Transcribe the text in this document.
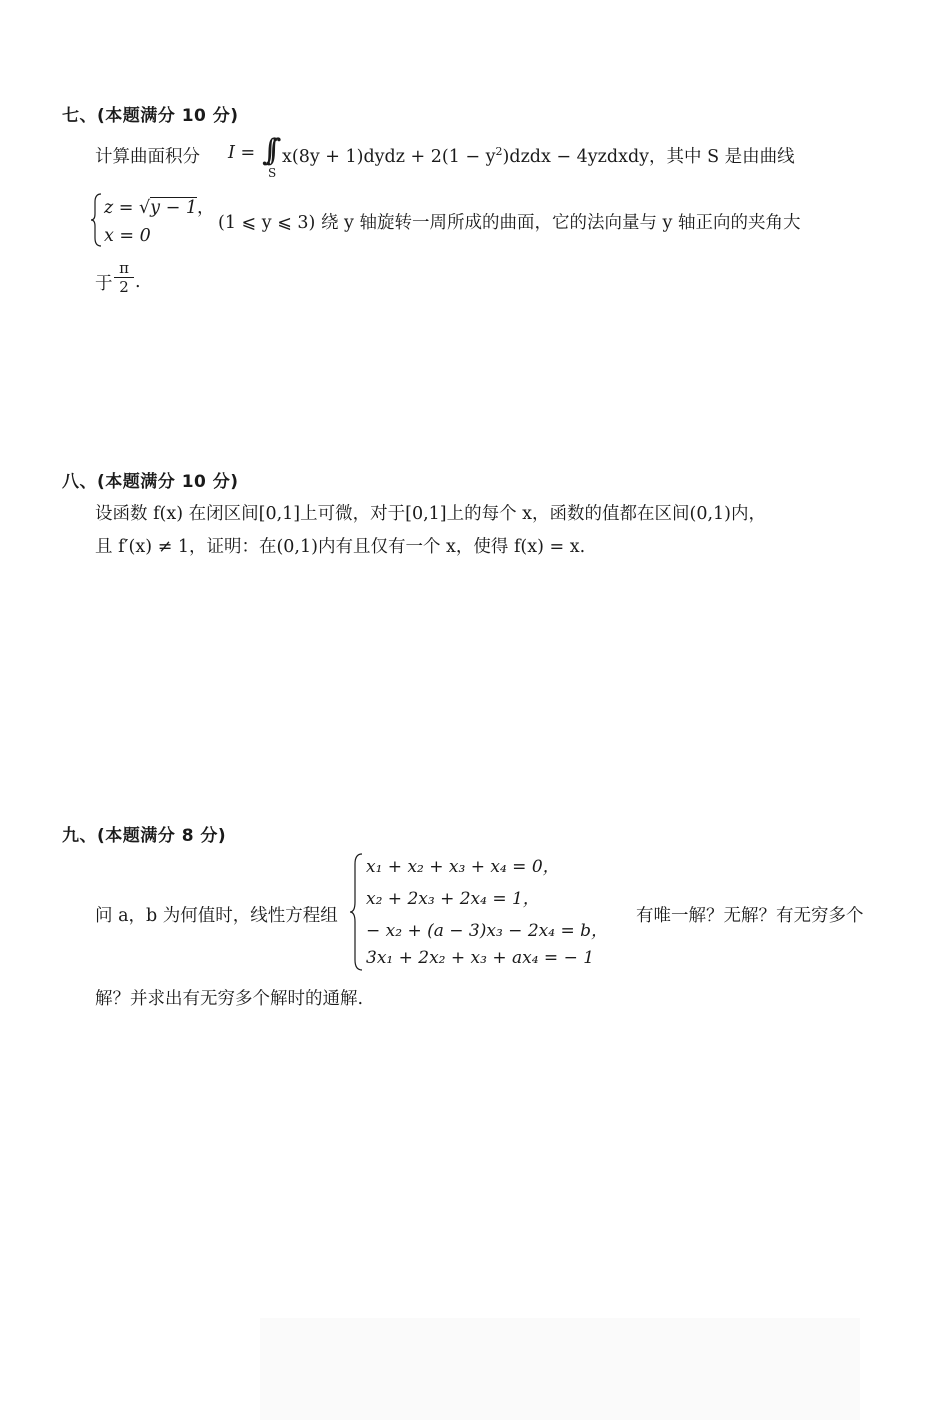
七、(本题满分 10 分)
计算曲面积分 I = ∫∫
S
x(8y + 1)dydz + $2(1 - y^2)dzdx$ − 4yzdxdy，其中 S 是由曲线
z = √y − 1，
x = 0
(1 ⩽ y ⩽ 3) 绕 y 轴旋转一周所成的曲面，它的法向量与 y 轴正向的夹角大
于 $\frac{\pi}{2}$ .
八、(本题满分 10 分)
设函数 f(x) 在闭区间[0,1]上可微，对于[0,1]上的每个 x，函数的值都在区间(0,1)内，
且 f′(x) ≠ 1，证明：在(0,1)内有且仅有一个 x，使得 f(x) = x.
九、(本题满分 8 分)
问 a，b 为何值时，线性方程组
x₁ + x₂ + x₃ + x₄ = 0，
x₂ + 2x₃ + 2x₄ = 1，
− x₂ + (a − 3)x₃ − 2x₄ = b，
3x₁ + 2x₂ + x₃ + ax₄ = − 1
有唯一解？无解？有无穷多个
解？并求出有无穷多个解时的通解.
